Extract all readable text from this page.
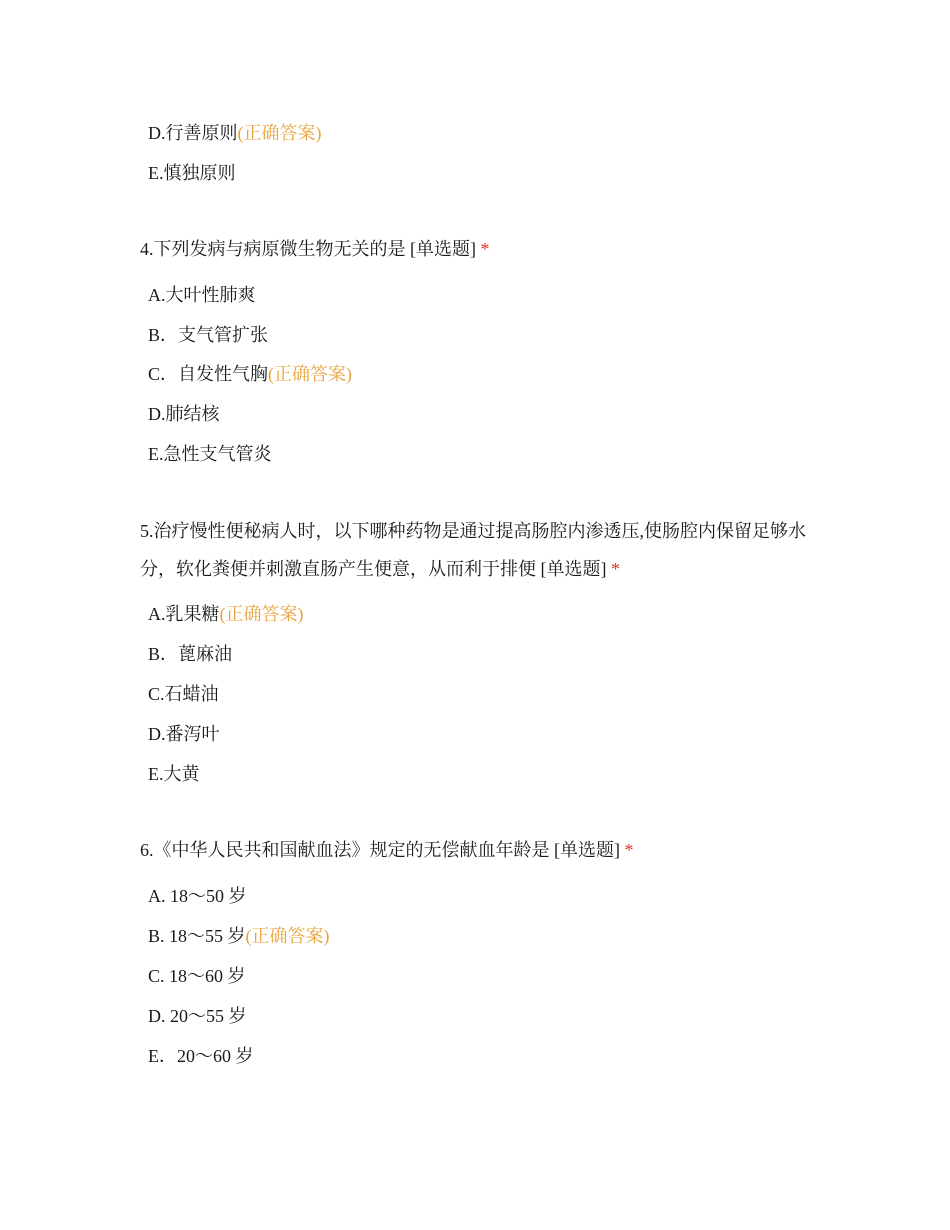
D.行善原则(正确答案)
E.慎独原则
4.下列发病与病原微生物无关的是 [单选题] *
A.大叶性肺爽
B．支气管扩张
C．自发性气胸(正确答案)
D.肺结核
E.急性支气管炎
5.治疗慢性便秘病人时，以下哪种药物是通过提高肠腔内渗透压,使肠腔内保留足够水分，软化粪便并刺激直肠产生便意，从而利于排便 [单选题] *
A.乳果糖(正确答案)
B．蓖麻油
C.石蜡油
D.番泻叶
E.大黄
6.《中华人民共和国献血法》规定的无偿献血年龄是 [单选题] *
A. 18～50 岁
B. 18～55 岁(正确答案)
C. 18～60 岁
D. 20～55 岁
E．20～60 岁
